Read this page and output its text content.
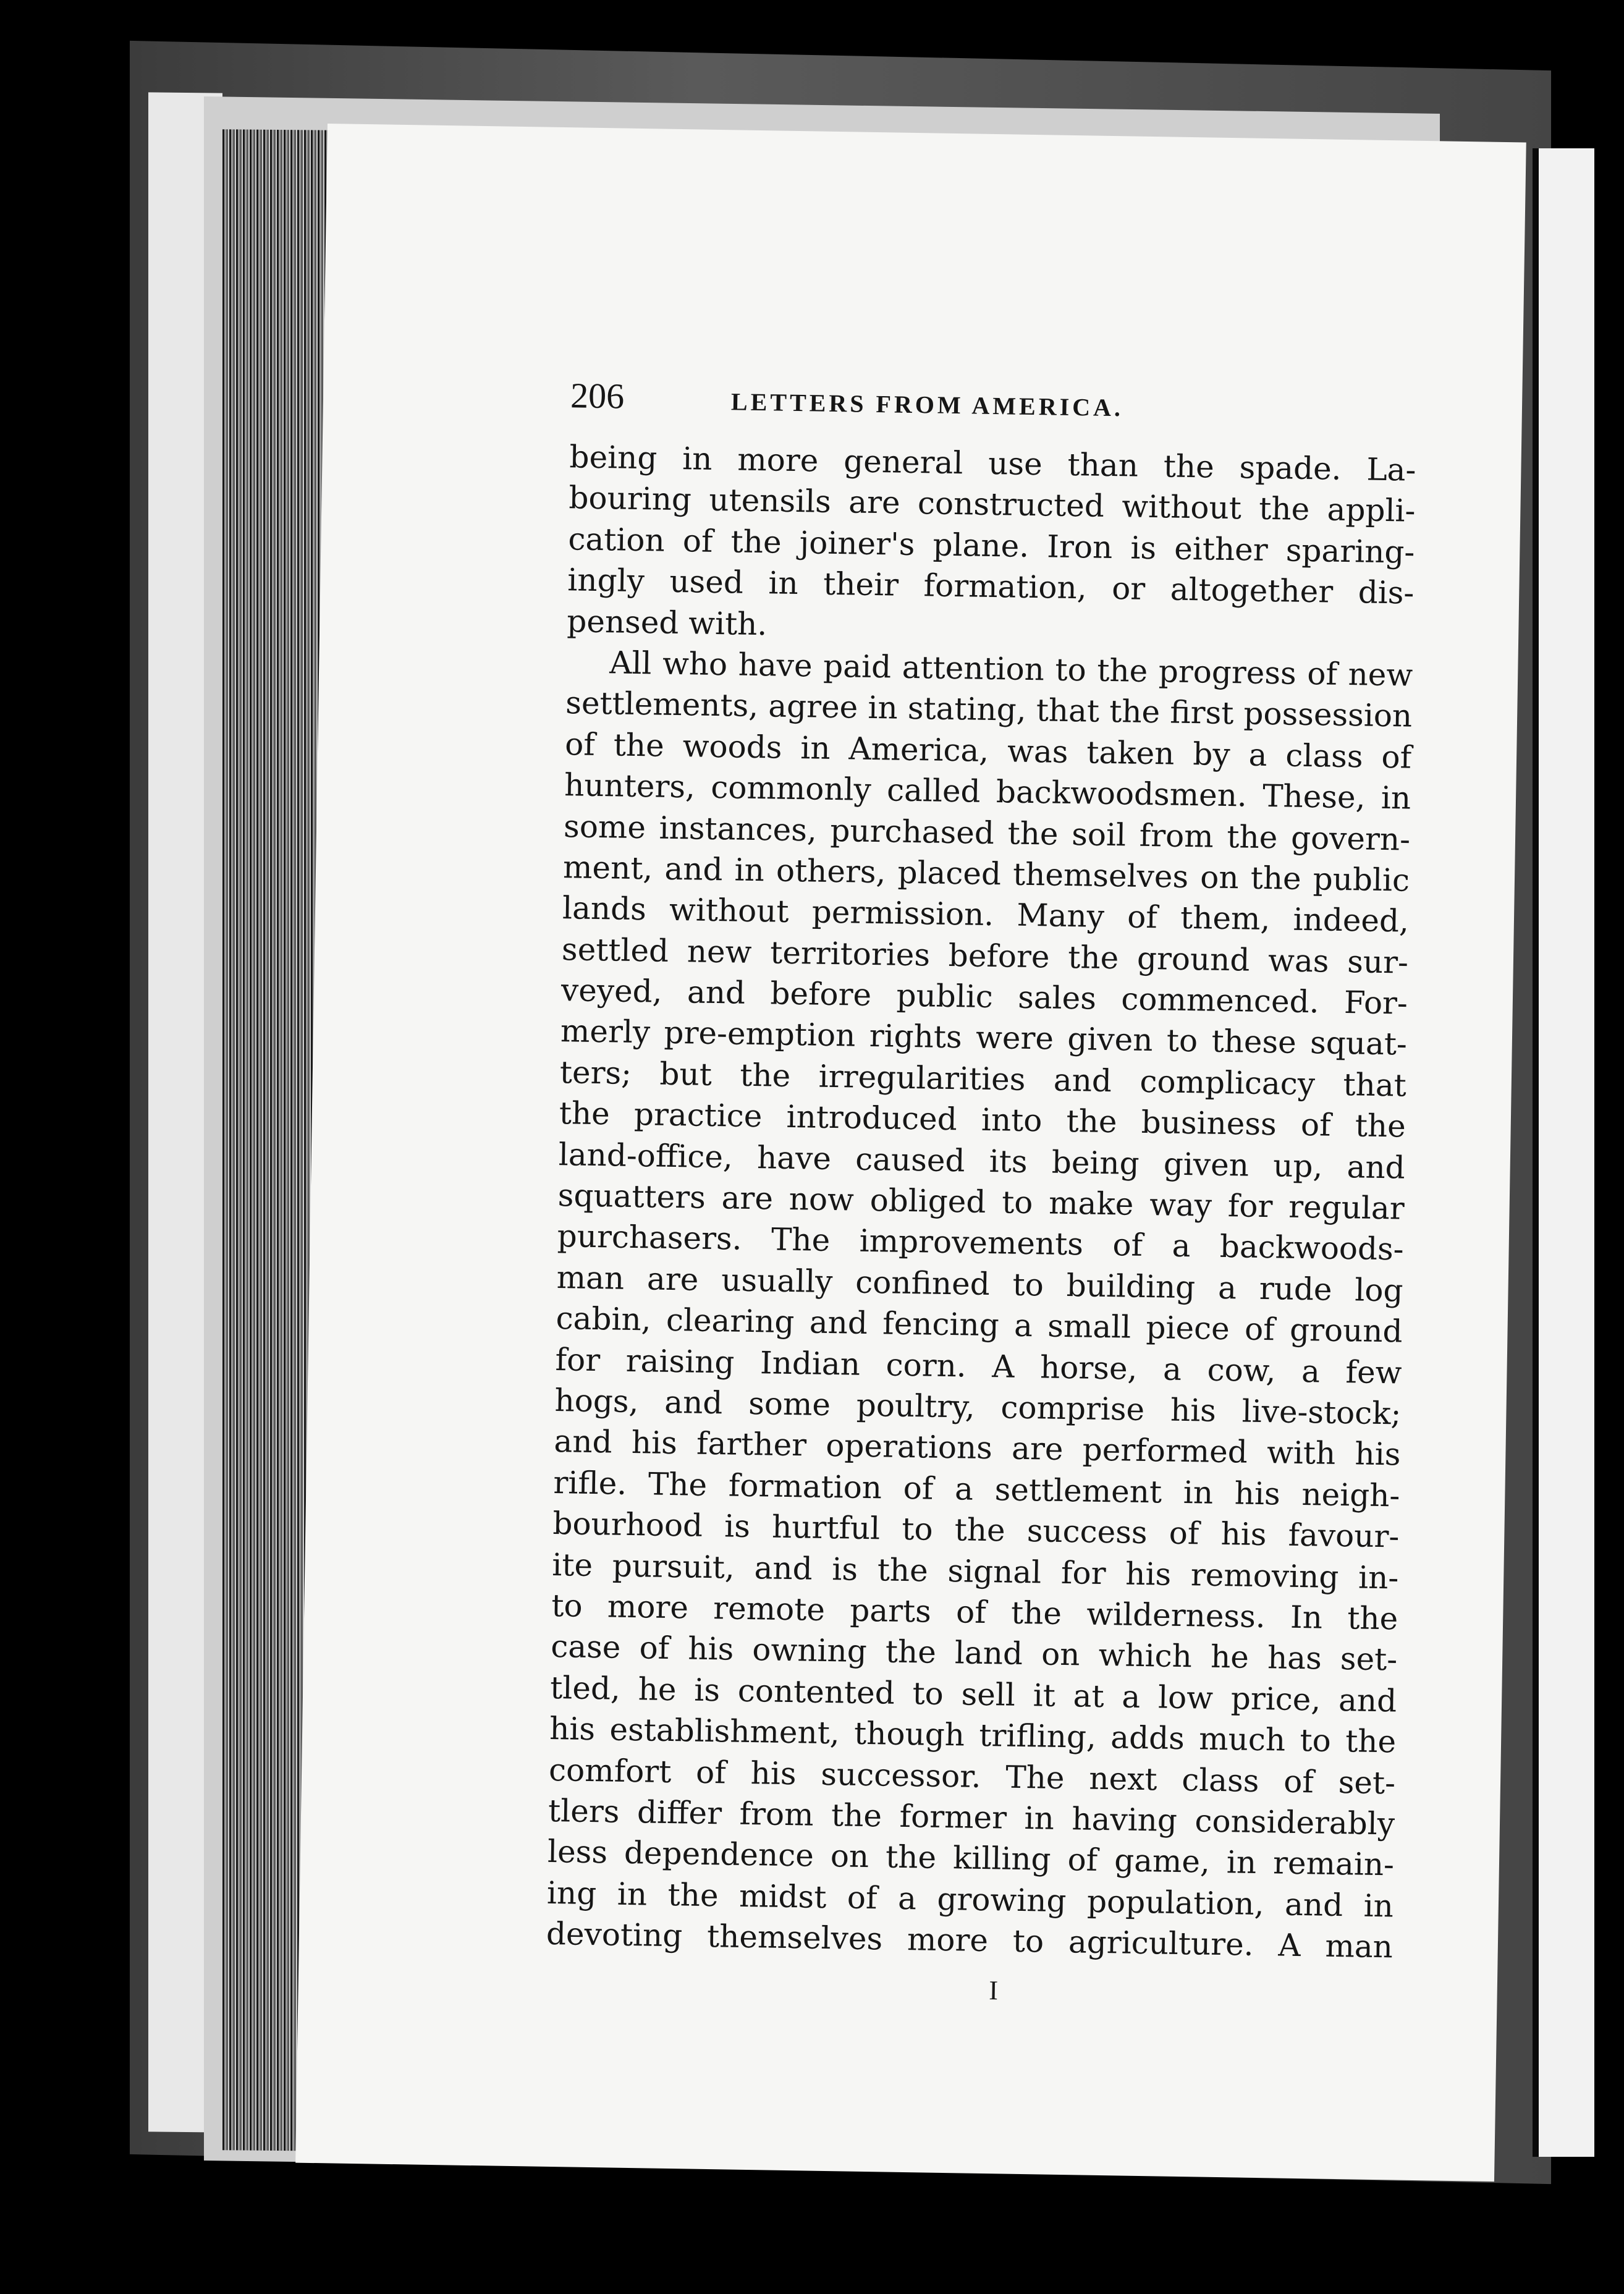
206	LETTERS FROM AMERICA.
being in more general use than the spade. La-
bouring utensils are constructed without the appli-
cation of the joiner's plane. Iron is either sparing-
ingly used in their formation, or altogether dis-
pensed with.
All who have paid attention to the progress of new
settlements, agree in stating, that the first possession
of the woods in America, was taken by a class of
hunters, commonly called backwoodsmen. These, in
some instances, purchased the soil from the govern-
ment, and in others, placed themselves on the public
lands without permission. Many of them, indeed,
settled new territories before the ground was sur-
veyed, and before public sales commenced. For-
merly pre-emption rights were given to these squat-
ters; but the irregularities and complicacy that
the practice introduced into the business of the
land-office, have caused its being given up, and
squatters are now obliged to make way for regular
purchasers. The improvements of a backwoods-
man are usually confined to building a rude log
cabin, clearing and fencing a small piece of ground
for raising Indian corn. A horse, a cow, a few
hogs, and some poultry, comprise his live-stock;
and his farther operations are performed with his
rifle. The formation of a settlement in his neigh-
bourhood is hurtful to the success of his favour-
ite pursuit, and is the signal for his removing in-
to more remote parts of the wilderness. In the
case of his owning the land on which he has set-
tled, he is contented to sell it at a low price, and
his establishment, though trifling, adds much to the
comfort of his successor. The next class of set-
tlers differ from the former in having considerably
less dependence on the killing of game, in remain-
ing in the midst of a growing population, and in
devoting themselves more to agriculture. A man
I
